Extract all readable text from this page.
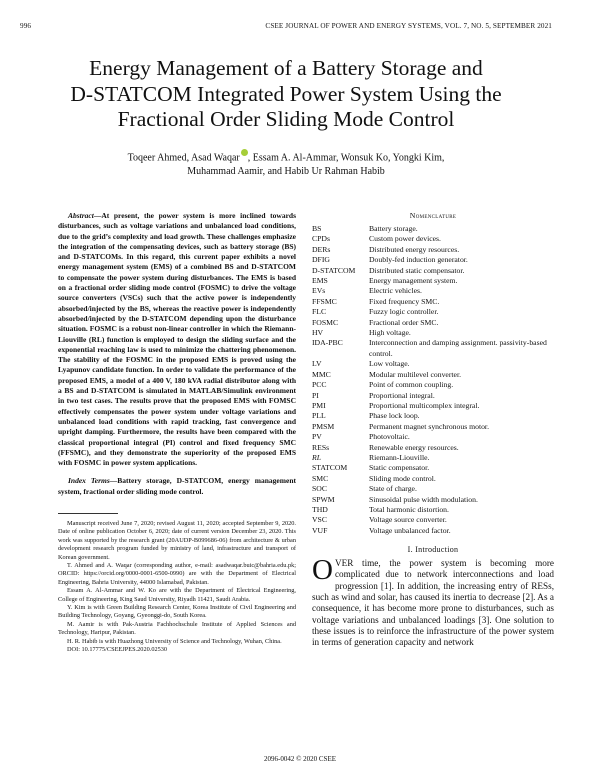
996	CSEE JOURNAL OF POWER AND ENERGY SYSTEMS, VOL. 7, NO. 5, SEPTEMBER 2021
Energy Management of a Battery Storage and
D-STATCOM Integrated Power System Using the
Fractional Order Sliding Mode Control
Toqeer Ahmed, Asad Waqar , Essam A. Al-Ammar, Wonsuk Ko, Yongki Kim,
Muhammad Aamir, and Habib Ur Rahman Habib

Abstract—At present, the power system is more inclined towards disturbances, such as voltage variations and unbalanced load conditions, due to the grid’s complexity and load growth. These challenges emphasize the integration of the compensating devices, such as battery storage (BS) and D-STATCOMs. In this regard, this current paper exhibits a novel energy management system (EMS) of a combined BS and D-STATCOM to compensate the power system during disturbances. The EMS is based on a fractional order sliding mode control (FOSMC) to drive the voltage source converters (VSCs) such that the active power is independently absorbed/injected by the BS, whereas the reactive power is independently absorbed/injected by the D-STATCOM depending upon the disturbance situation. FOSMC is a robust non-linear controller in which the Riemann-Liouville (RL) function is employed to design the sliding surface and the exponential reaching law is used to minimize the chattering phenomenon. The stability of the FOSMC in the proposed EMS is proved using the Lyapunov candidate function. In order to validate the performance of the proposed EMS, a model of a 400 V, 180 kVA radial distributor along with a BS and D-STATCOM is simulated in MATLAB/Simulink environment in two test cases. The results prove that the proposed EMS with FOMSC effectively compensates the power system under voltage variations and unbalanced load conditions with rapid tracking, fast convergence and upright damping. Furthermore, the results have been compared with the classical proportional integral (PI) control and fixed frequency SMC (FFSMC), and they demonstrate the superiority of the proposed EMS with FOSMC in power system applications.

Index Terms—Battery storage, D-STATCOM, energy management system, fractional order sliding mode control.

Manuscript received June 7, 2020; revised August 11, 2020; accepted September 9, 2020. Date of online publication October 6, 2020; date of current version December 23, 2020. This work was supported by the research grant (20AUDP-B099686-06) from architecture & urban development research program funded by ministry of land, infrastructure and transport of Korean government.

T. Ahmed and A. Waqar (corresponding author, e-mail: asadwaqar.buic@bahria.edu.pk; ORCID: https://orcid.org/0000-0001-6500-0990) are with the Department of Electrical Engineering, Bahria University, 44000 Islamabad, Pakistan.

Essam A. Al-Ammar and W. Ko are with the Department of Electrical Engineering, College of Engineering, King Saud University, Riyadh 11421, Saudi Arabia.

Y. Kim is with Green Building Research Center, Korea Institute of Civil Engineering and Building Technology, Goyang, Gyeonggi-do, South Korea.

M. Aamir is with Pak-Austria Fachhochschule Institute of Applied Sciences and Technology, Haripur, Pakistan.

H. R. Habib is with Huazhong University of Science and Technology, Wuhan, China.

DOI: 10.17775/CSEEJPES.2020.02530

Nomenclature
BS	Battery storage.
CPDs	Custom power devices.
DERs	Distributed energy resources.
DFIG	Doubly-fed induction generator.
D-STATCOM	Distributed static compensator.
EMS	Energy management system.
EVs	Electric vehicles.
FFSMC	Fixed frequency SMC.
FLC	Fuzzy logic controller.
FOSMC	Fractional order SMC.
HV	High voltage.
IDA-PBC	Interconnection and damping assignment. passivity-based control.
LV	Low voltage.
MMC	Modular multilevel converter.
PCC	Point of common coupling.
PI	Proportional integral.
PMI	Proportional multicomplex integral.
PLL	Phase lock loop.
PMSM	Permanent magnet synchronous motor.
PV	Photovoltaic.
RESs	Renewable energy resources.
RL	Riemann-Liouville.
STATCOM	Static compensator.
SMC	Sliding mode control.
SOC	State of charge.
SPWM	Sinusoidal pulse width modulation.
THD	Total harmonic distortion.
VSC	Voltage source converter.
VUF	Voltage unbalanced factor.
I. Introduction

OVER time, the power system is becoming more complicated due to network interconnections and load progression [1]. In addition, the increasing entry of RESs, such as wind and solar, has caused its inertia to decrease [2]. As a consequence, it has become more prone to disturbances, such as voltage variations and unbalanced loadings [3]. One solution to these issues is to reinforce the infrastructure of the power system in terms of generation capacity and network

2096-0042 © 2020 CSEE
